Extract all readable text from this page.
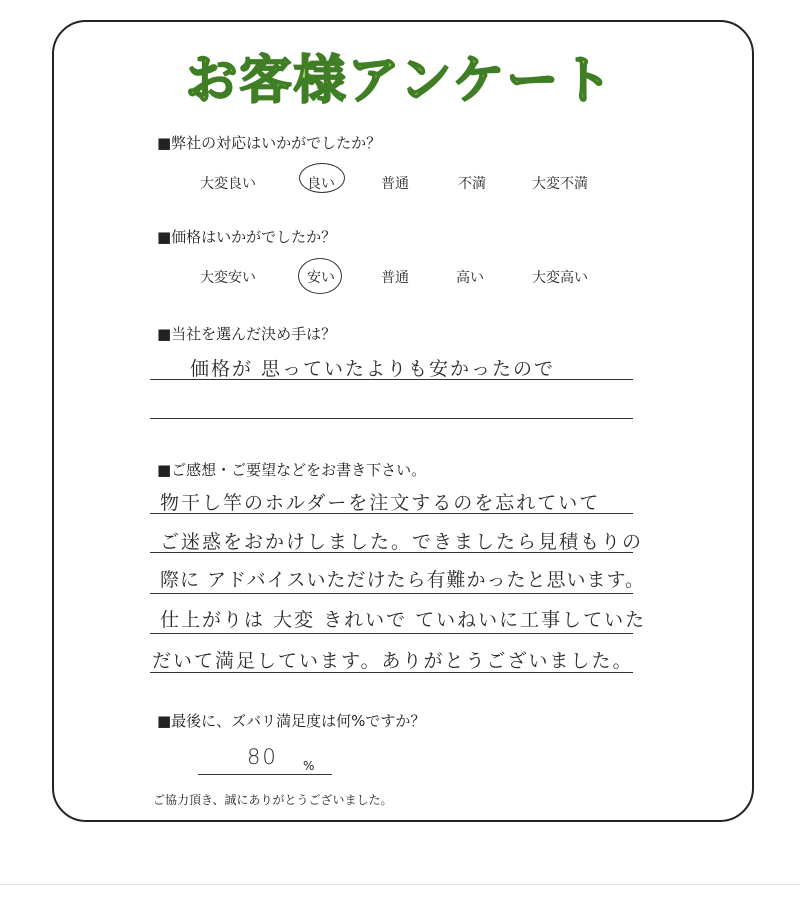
お客様アンケート
■弊社の対応はいかがでしたか？
大変良い	良い	普通	不満	大変不満
■価格はいかがでしたか？
大変安い	安い	普通	高い	大変高い
■当社を選んだ決め手は？
価格が 思っていたよりも安かったので
■ご感想・ご要望などをお書き下さい。
物干し竿のホルダーを注文するのを忘れていて
ご迷惑をおかけしました。できましたら見積もりの
際に アドバイスいただけたら有難かったと思います。
仕上がりは 大変 きれいで ていねいに工事していた
だいて満足しています。ありがとうございました。
■最後に、ズバリ満足度は何%ですか？
80 %
ご協力頂き、誠にありがとうございました。
